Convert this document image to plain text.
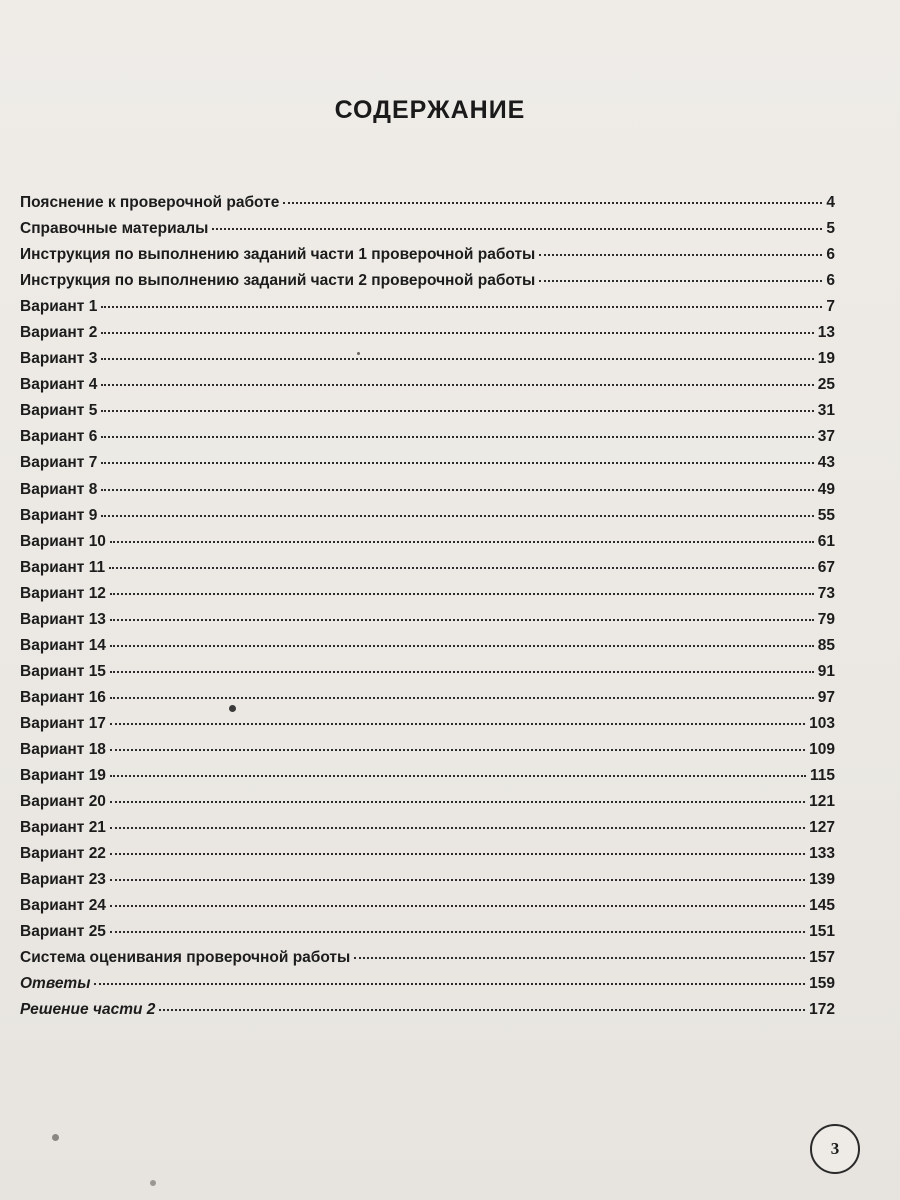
СОДЕРЖАНИЕ
Пояснение к проверочной работе	4
Справочные материалы	5
Инструкция по выполнению заданий части 1 проверочной работы	6
Инструкция по выполнению заданий части 2 проверочной работы	6
Вариант 1	7
Вариант 2	13
Вариант 3	19
Вариант 4	25
Вариант 5	31
Вариант 6	37
Вариант 7	43
Вариант 8	49
Вариант 9	55
Вариант 10	61
Вариант 11	67
Вариант 12	73
Вариант 13	79
Вариант 14	85
Вариант 15	91
Вариант 16	97
Вариант 17	103
Вариант 18	109
Вариант 19	115
Вариант 20	121
Вариант 21	127
Вариант 22	133
Вариант 23	139
Вариант 24	145
Вариант 25	151
Система оценивания проверочной работы	157
Ответы	159
Решение части 2	172
3
